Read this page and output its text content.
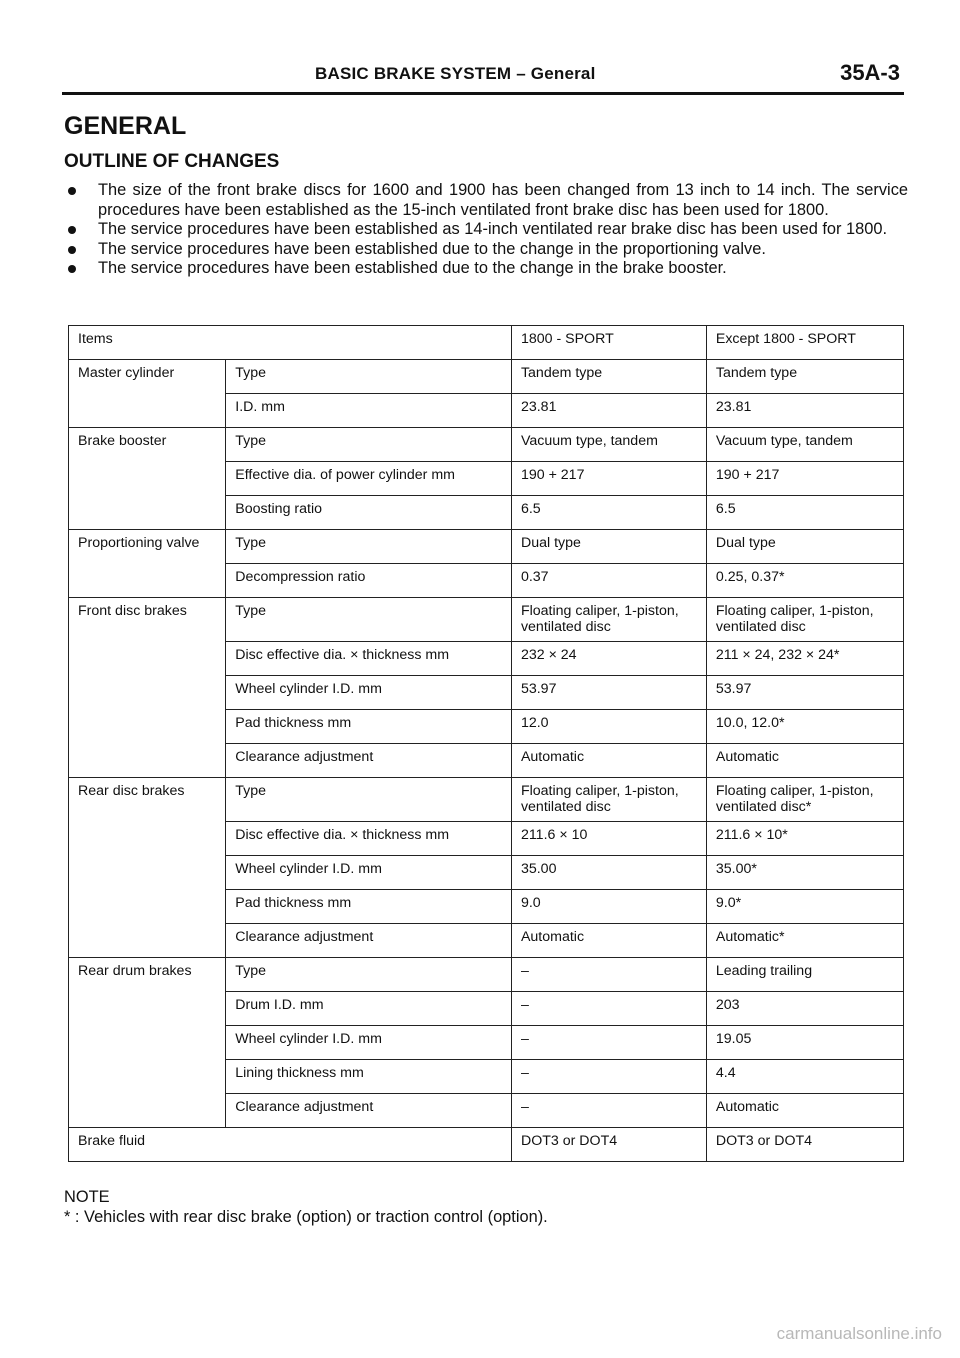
BASIC BRAKE SYSTEM – General	35A-3
GENERAL
OUTLINE OF CHANGES
The size of the front brake discs for 1600 and 1900 has been changed from 13 inch to 14 inch. The service procedures have been established as the 15-inch ventilated front brake disc has been used for 1800.
The service procedures have been established as 14-inch ventilated rear brake disc has been used for 1800.
The service procedures have been established due to the change in the proportioning valve.
The service procedures have been established due to the change in the brake booster.
Items		1800 - SPORT	Except 1800 - SPORT
Master cylinder	Type	Tandem type	Tandem type
	I.D. mm	23.81	23.81
Brake booster	Type	Vacuum type, tandem	Vacuum type, tandem
	Effective dia. of power cylinder mm	190 + 217	190 + 217
	Boosting ratio	6.5	6.5
Proportioning valve	Type	Dual type	Dual type
	Decompression ratio	0.37	0.25, 0.37*
Front disc brakes	Type	Floating caliper, 1-piston, ventilated disc	Floating caliper, 1-piston, ventilated disc
	Disc effective dia. × thickness mm	232 × 24	211 × 24, 232 × 24*
	Wheel cylinder I.D. mm	53.97	53.97
	Pad thickness mm	12.0	10.0, 12.0*
	Clearance adjustment	Automatic	Automatic
Rear disc brakes	Type	Floating caliper, 1-piston, ventilated disc	Floating caliper, 1-piston, ventilated disc*
	Disc effective dia. × thickness mm	211.6 × 10	211.6 × 10*
	Wheel cylinder I.D. mm	35.00	35.00*
	Pad thickness mm	9.0	9.0*
	Clearance adjustment	Automatic	Automatic*
Rear drum brakes	Type	–	Leading trailing
	Drum I.D. mm	–	203
	Wheel cylinder I.D. mm	–	19.05
	Lining thickness mm	–	4.4
	Clearance adjustment	–	Automatic
Brake fluid		DOT3 or DOT4	DOT3 or DOT4
NOTE
* : Vehicles with rear disc brake (option) or traction control (option).
carmanualsonline.info
